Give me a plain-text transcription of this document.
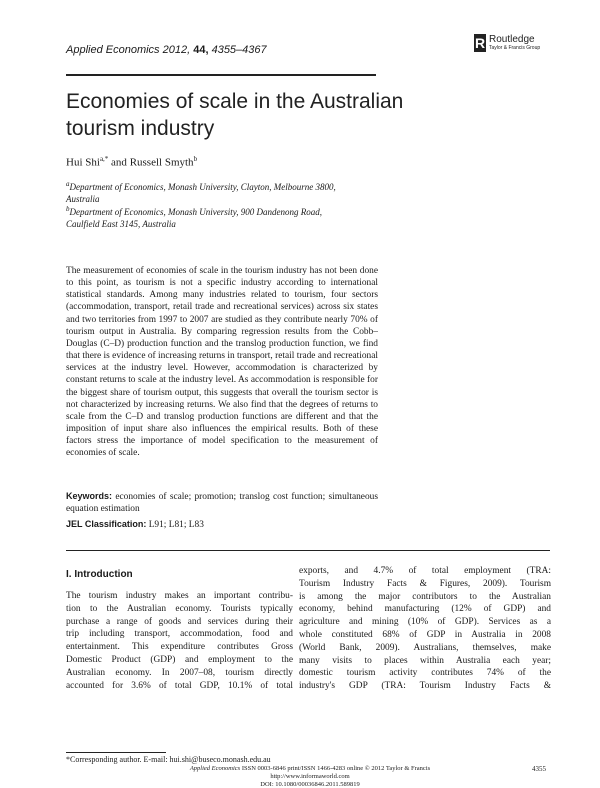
Applied Economics 2012, 44, 4355–4367	R Routledge
Taylor & Francis Group
Economies of scale in the Australian
tourism industry
Hui Shi$^{a,*}$ and Russell Smyth$^b$
$^a$Department of Economics, Monash University, Clayton, Melbourne 3800,
Australia
$^b$Department of Economics, Monash University, 900 Dandenong Road,
Caulfield East 3145, Australia
The measurement of economies of scale in the tourism industry has not been done to this point, as tourism is not a specific industry according to international statistical standards. Among many industries related to tourism, four sectors (accommodation, transport, retail trade and recreational services) across six states and two territories from 1997 to 2007 are studied as they contribute nearly 70% of tourism output in Australia. By comparing regression results from the Cobb–Douglas (C–D) production function and the translog production function, we find that there is evidence of increasing returns in transport, retail trade and recreational services at the industry level. However, accommodation is characterized by constant returns to scale at the industry level. As accommodation is responsible for the biggest share of tourism output, this suggests that overall the tourism sector is not characterized by increasing returns. We also find that the degrees of returns to scale from the C–D and translog production functions are different and that the imposition of input share also influences the empirical results. Both of these factors stress the importance of model specification to the measurement of economies of scale.
Keywords: economies of scale; promotion; translog cost function; simultaneous equation estimation
JEL Classification: L91; L81; L83
I. Introduction
The tourism industry makes an important contribu-
tion to the Australian economy. Tourists typically
purchase a range of goods and services during their
trip including transport, accommodation, food and
entertainment. This expenditure contributes Gross
Domestic Product (GDP) and employment to the
Australian economy. In 2007–08, tourism directly
accounted for 3.6% of total GDP, 10.1% of total
exports, and 4.7% of total employment (TRA:
Tourism Industry Facts & Figures, 2009). Tourism
is among the major contributors to the Australian
economy, behind manufacturing (12% of GDP) and
agriculture and mining (10% of GDP). Services as a
whole constituted 68% of GDP in Australia in 2008
(World Bank, 2009). Australians, themselves, make
many visits to places within Australia each year;
domestic tourism activity contributes 74% of the
industry's GDP (TRA: Tourism Industry Facts &
*Corresponding author. E-mail: hui.shi@buseco.monash.edu.au
Applied Economics ISSN 0003-6846 print/ISSN 1466-4283 online © 2012 Taylor & Francis
http://www.informaworld.com
DOI: 10.1080/00036846.2011.589819
4355
